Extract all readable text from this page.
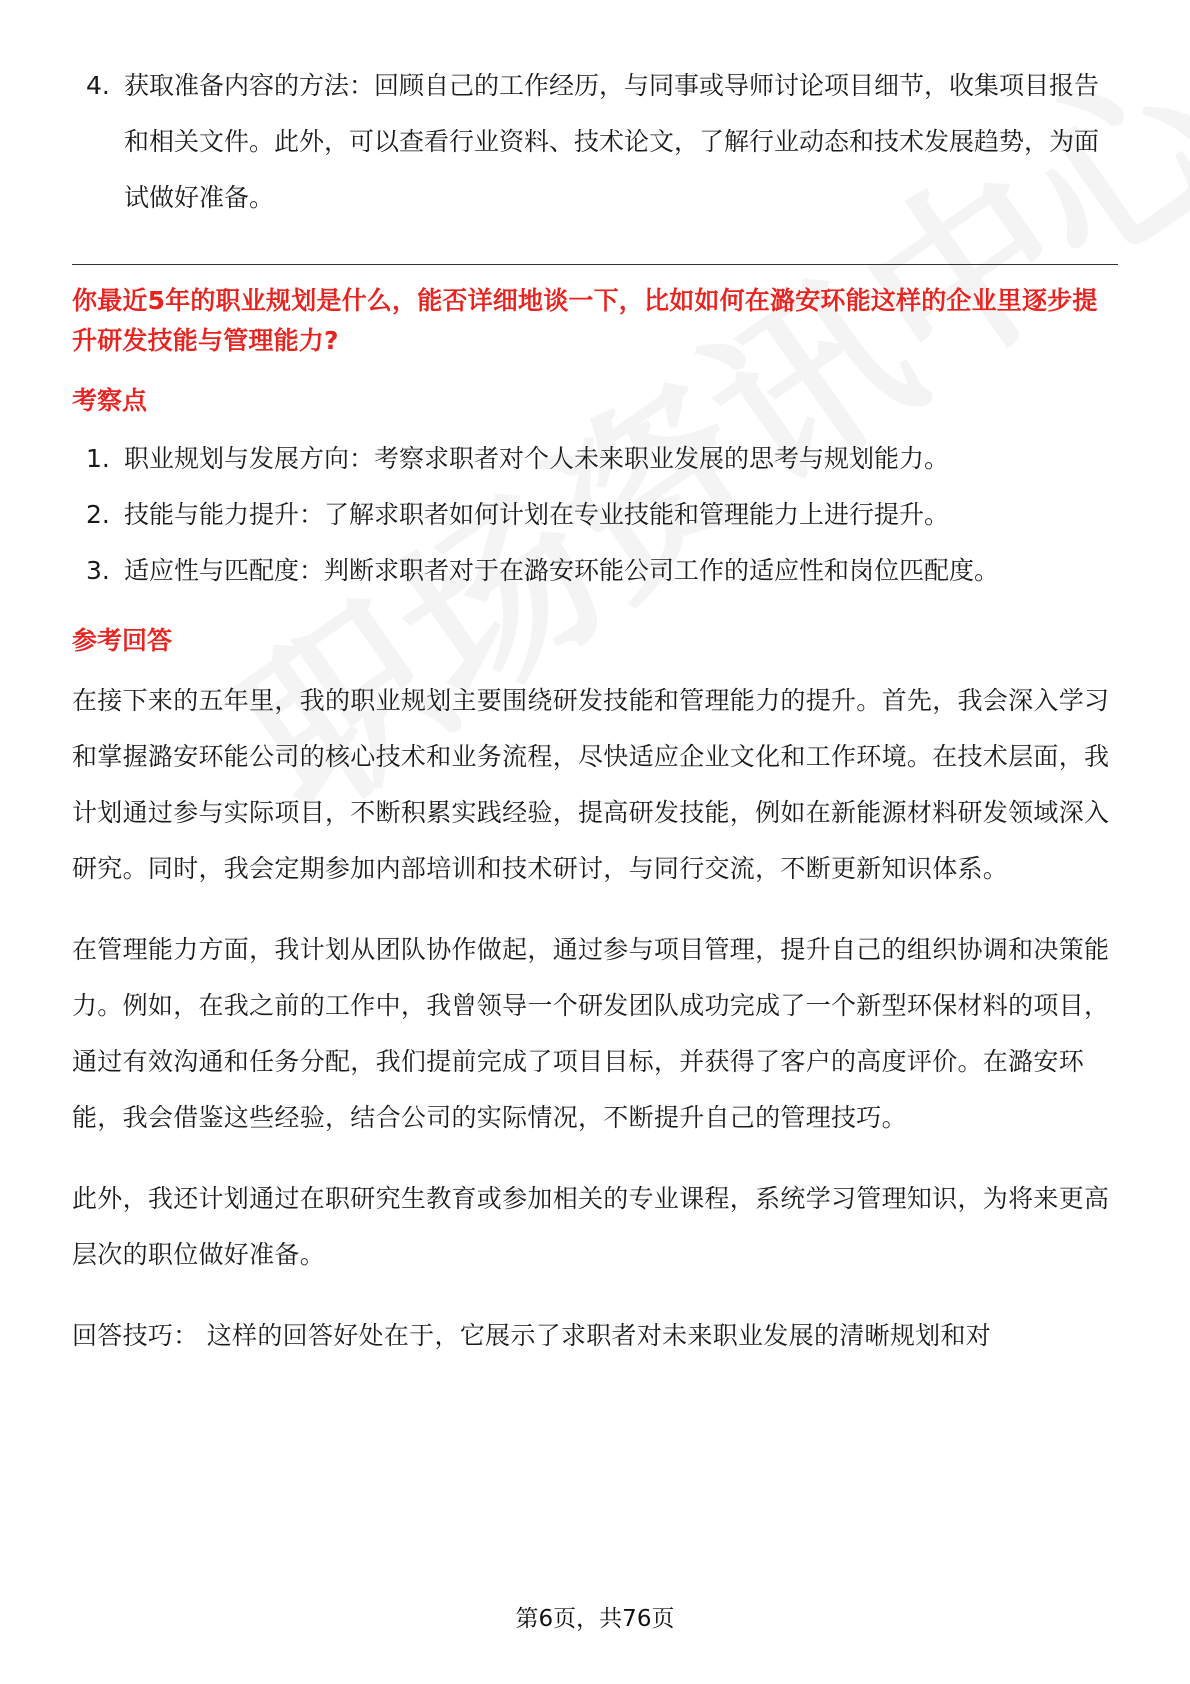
4. 获取准备内容的方法：回顾自己的工作经历，与同事或导师讨论项目细节，收集项目报告和相关文件。此外，可以查看行业资料、技术论文，了解行业动态和技术发展趋势，为面试做好准备。

你最近5年的职业规划是什么，能否详细地谈一下，比如如何在潞安环能这样的企业里逐步提升研发技能与管理能力?

考察点
1. 职业规划与发展方向：考察求职者对个人未来职业发展的思考与规划能力。
2. 技能与能力提升：了解求职者如何计划在专业技能和管理能力上进行提升。
3. 适应性与匹配度：判断求职者对于在潞安环能公司工作的适应性和岗位匹配度。
参考回答

在接下来的五年里，我的职业规划主要围绕研发技能和管理能力的提升。首先，我会深入学习和掌握潞安环能公司的核心技术和业务流程，尽快适应企业文化和工作环境。在技术层面，我计划通过参与实际项目，不断积累实践经验，提高研发技能，例如在新能源材料研发领域深入研究。同时，我会定期参加内部培训和技术研讨，与同行交流，不断更新知识体系。

在管理能力方面，我计划从团队协作做起，通过参与项目管理，提升自己的组织协调和决策能力。例如，在我之前的工作中，我曾领导一个研发团队成功完成了一个新型环保材料的项目，通过有效沟通和任务分配，我们提前完成了项目目标，并获得了客户的高度评价。在潞安环能，我会借鉴这些经验，结合公司的实际情况，不断提升自己的管理技巧。

此外，我还计划通过在职研究生教育或参加相关的专业课程，系统学习管理知识，为将来更高层次的职位做好准备。

回答技巧： 这样的回答好处在于，它展示了求职者对未来职业发展的清晰规划和对

第6页，共76页
